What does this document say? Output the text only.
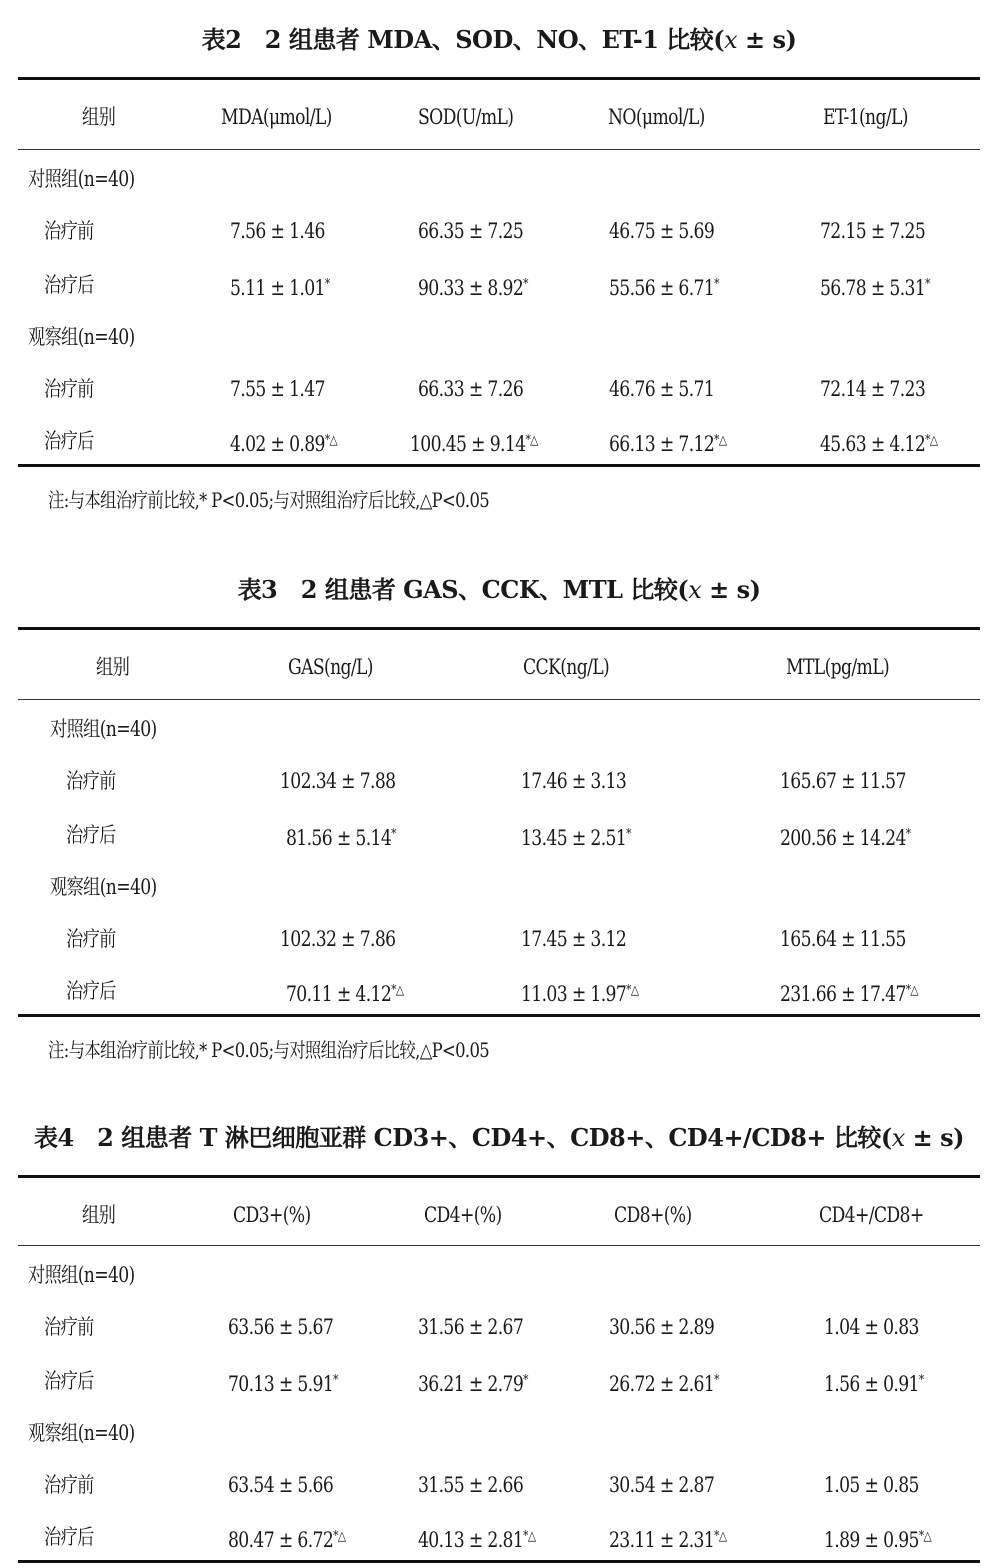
表2　2 组患者 MDA、SOD、NO、ET-1 比较(x ± s)
组别	MDA(μmol/L)	SOD(U/mL)	NO(μmol/L)	ET-1(ng/L)
对照组(n=40)
治疗前	7.56 ± 1.46	66.35 ± 7.25	46.75 ± 5.69	72.15 ± 7.25
治疗后	5.11 ± 1.01*	90.33 ± 8.92*	55.56 ± 6.71*	56.78 ± 5.31*
观察组(n=40)
治疗前	7.55 ± 1.47	66.33 ± 7.26	46.76 ± 5.71	72.14 ± 7.23
治疗后	4.02 ± 0.89*△	100.45 ± 9.14*△	66.13 ± 7.12*△	45.63 ± 4.12*△
注:与本组治疗前比较,* P<0.05;与对照组治疗后比较,△P<0.05
表3　2 组患者 GAS、CCK、MTL 比较(x ± s)
组别	GAS(ng/L)	CCK(ng/L)	MTL(pg/mL)
对照组(n=40)
治疗前	102.34 ± 7.88	17.46 ± 3.13	165.67 ± 11.57
治疗后	81.56 ± 5.14*	13.45 ± 2.51*	200.56 ± 14.24*
观察组(n=40)
治疗前	102.32 ± 7.86	17.45 ± 3.12	165.64 ± 11.55
治疗后	70.11 ± 4.12*△	11.03 ± 1.97*△	231.66 ± 17.47*△
注:与本组治疗前比较,* P<0.05;与对照组治疗后比较,△P<0.05
表4　2 组患者 T 淋巴细胞亚群 CD3+、CD4+、CD8+、CD4+/CD8+ 比较(x ± s)
组别	CD3+(%)	CD4+(%)	CD8+(%)	CD4+/CD8+
对照组(n=40)
治疗前	63.56 ± 5.67	31.56 ± 2.67	30.56 ± 2.89	1.04 ± 0.83
治疗后	70.13 ± 5.91*	36.21 ± 2.79*	26.72 ± 2.61*	1.56 ± 0.91*
观察组(n=40)
治疗前	63.54 ± 5.66	31.55 ± 2.66	30.54 ± 2.87	1.05 ± 0.85
治疗后	80.47 ± 6.72*△	40.13 ± 2.81*△	23.11 ± 2.31*△	1.89 ± 0.95*△
